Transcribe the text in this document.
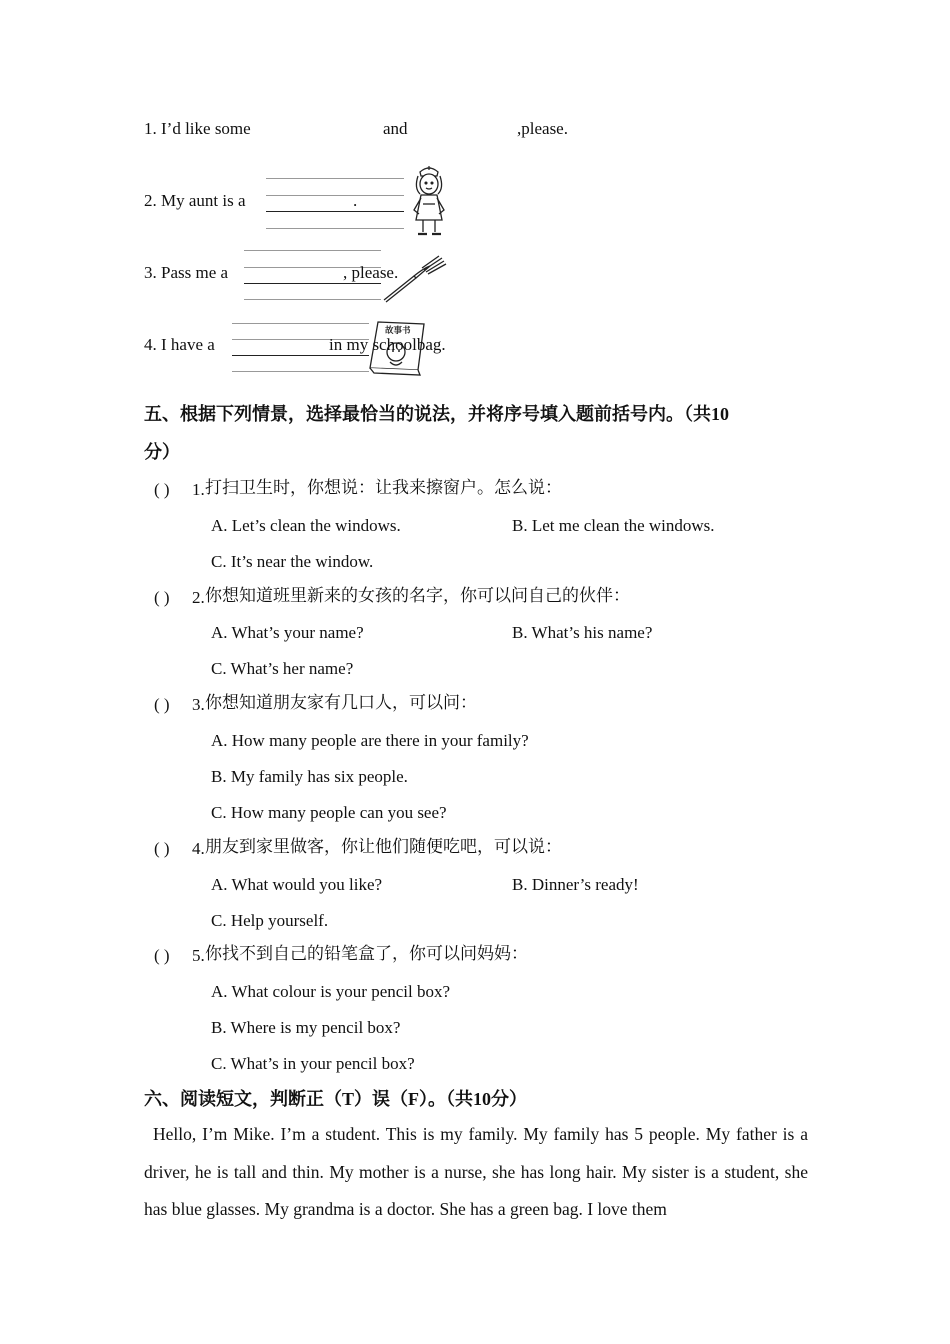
1. I’d like some	and	,please.
2. My aunt is a	.
3. Pass me a	, please.
4. I have a
故事书
in my schoolbag.
五、根据下列情景，选择最恰当的说法，并将序号填入题前括号内。（共10
分）
( ) 1. 打扫卫生时，你想说：让我来擦窗户。怎么说：
A. Let’s clean the windows.	B. Let me clean the windows.
C. It’s near the window.
( ) 2. 你想知道班里新来的女孩的名字，你可以问自己的伙伴：
A. What’s your name?	B. What’s his name?
C. What’s her name?
( ) 3. 你想知道朋友家有几口人，可以问：
A. How many people are there in your family?
B. My family has six people.
C. How many people can you see?
( ) 4. 朋友到家里做客，你让他们随便吃吧，可以说：
A. What would you like?	B. Dinner’s ready!
C. Help yourself.
( ) 5. 你找不到自己的铅笔盒了，你可以问妈妈：
A. What colour is your pencil box?
B. Where is my pencil box?
C. What’s in your pencil box?
六、阅读短文，判断正（T）误（F）。（共10分）

Hello, I’m Mike. I’m a student. This is my family. My family has 5 people. My father is a driver, he is tall and thin. My mother is a nurse, she has long hair. My sister is a student, she has blue glasses. My grandma is a doctor. She has a green bag. I love them
